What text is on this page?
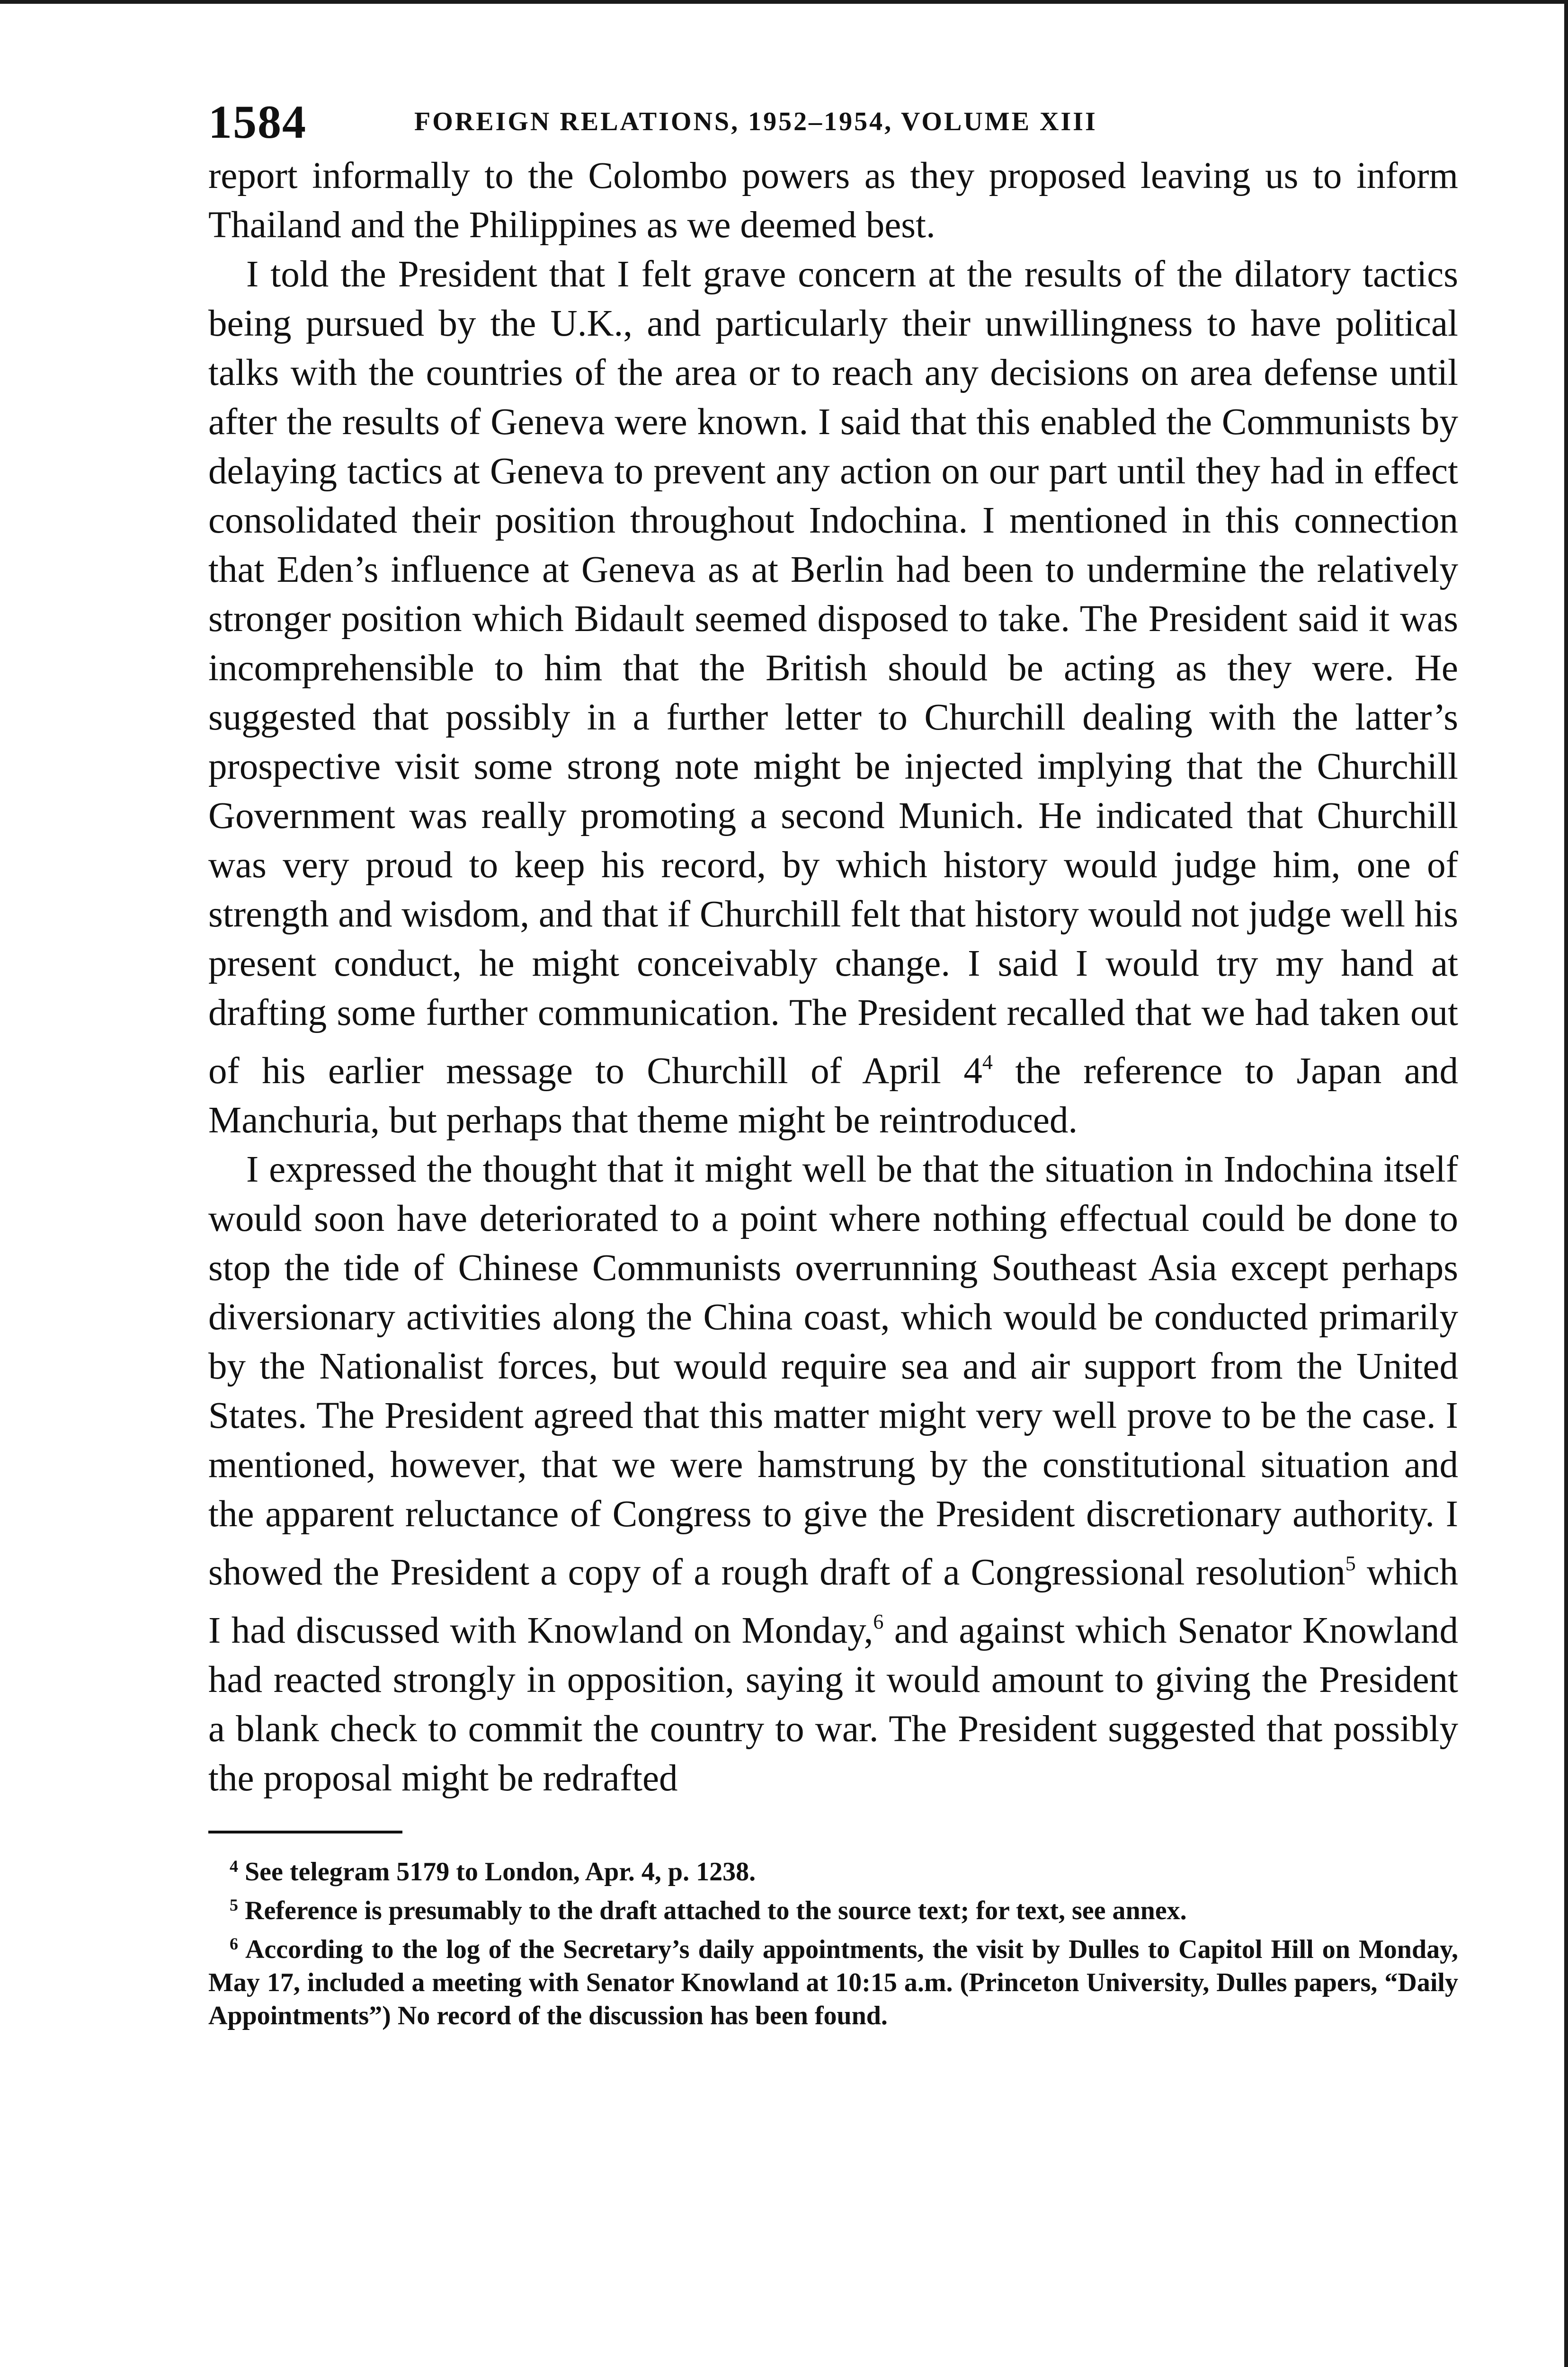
1584	FOREIGN RELATIONS, 1952–1954, VOLUME XIII

report informally to the Colombo powers as they proposed leaving us to inform Thailand and the Philippines as we deemed best.

I told the President that I felt grave concern at the results of the dilatory tactics being pursued by the U.K., and particularly their unwillingness to have political talks with the countries of the area or to reach any decisions on area defense until after the results of Geneva were known. I said that this enabled the Communists by delaying tactics at Geneva to prevent any action on our part until they had in effect consolidated their position throughout Indochina. I mentioned in this connection that Eden’s influence at Geneva as at Berlin had been to undermine the relatively stronger position which Bidault seemed disposed to take. The President said it was incomprehensible to him that the British should be acting as they were. He suggested that possibly in a further letter to Churchill dealing with the latter’s prospective visit some strong note might be injected implying that the Churchill Government was really promoting a second Munich. He indicated that Churchill was very proud to keep his record, by which history would judge him, one of strength and wisdom, and that if Churchill felt that history would not judge well his present conduct, he might conceivably change. I said I would try my hand at drafting some further communication. The President recalled that we had taken out of his earlier message to Churchill of April $4^4$ the reference to Japan and Manchuria, but perhaps that theme might be reintroduced.

I expressed the thought that it might well be that the situation in Indochina itself would soon have deteriorated to a point where nothing effectual could be done to stop the tide of Chinese Communists overrunning Southeast Asia except perhaps diversionary activities along the China coast, which would be conducted primarily by the Nationalist forces, but would require sea and air support from the United States. The President agreed that this matter might very well prove to be the case. I mentioned, however, that we were hamstrung by the constitutional situation and the apparent reluctance of Congress to give the President discretionary authority. I showed the President a copy of a rough draft of a Congressional resolution$^5$ which I had discussed with Knowland on Monday,$^6$ and against which Senator Knowland had reacted strongly in opposition, saying it would amount to giving the President a blank check to commit the country to war. The President suggested that possibly the proposal might be redrafted

$^4$ See telegram 5179 to London, Apr. 4, p. 1238.

$^5$ Reference is presumably to the draft attached to the source text; for text, see annex.

$^6$ According to the log of the Secretary’s daily appointments, the visit by Dulles to Capitol Hill on Monday, May 17, included a meeting with Senator Knowland at 10:15 a.m. (Princeton University, Dulles papers, “Daily Appointments”) No record of the discussion has been found.
